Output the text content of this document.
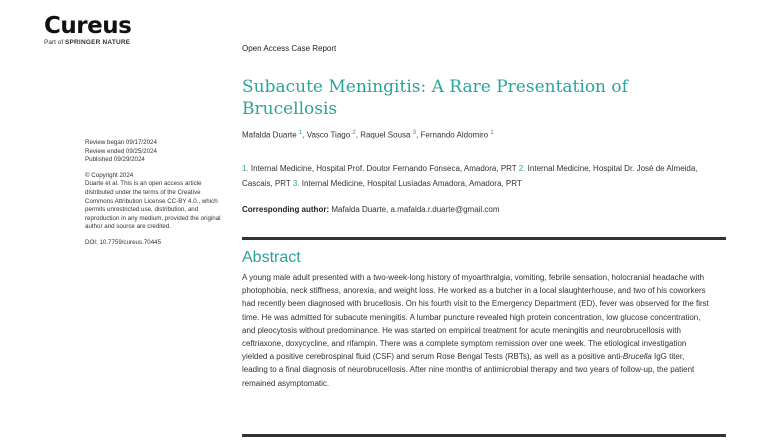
Cureus
Part of SPRINGER NATURE
Open Access Case Report
Subacute Meningitis: A Rare Presentation of Brucellosis
Review began 09/17/2024
Review ended 09/25/2024
Published 09/29/2024
© Copyright 2024
Duarte et al. This is an open access article distributed under the terms of the Creative Commons Attribution License CC-BY 4.0., which permits unrestricted use, distribution, and reproduction in any medium, provided the original author and source are credited.
DOI: 10.7759/cureus.70445
Mafalda Duarte $^1$, Vasco Tiago $^2$, Raquel Sousa $^3$, Fernando Aldomiro $^1$
1. Internal Medicine, Hospital Prof. Doutor Fernando Fonseca, Amadora, PRT 2. Internal Medicine, Hospital Dr. José de Almeida, Cascais, PRT 3. Internal Medicine, Hospital Lusíadas Amadora, Amadora, PRT
Corresponding author: Mafalda Duarte, a.mafalda.r.duarte@gmail.com
Abstract
A young male adult presented with a two-week-long history of myoarthralgia, vomiting, febrile sensation, holocranial headache with photophobia, neck stiffness, anorexia, and weight loss. He worked as a butcher in a local slaughterhouse, and two of his coworkers had recently been diagnosed with brucellosis. On his fourth visit to the Emergency Department (ED), fever was observed for the first time. He was admitted for subacute meningitis. A lumbar puncture revealed high protein concentration, low glucose concentration, and pleocytosis without predominance. He was started on empirical treatment for acute meningitis and neurobrucellosis with ceftriaxone, doxycycline, and rifampin. There was a complete symptom remission over one week. The etiological investigation yielded a positive cerebrospinal fluid (CSF) and serum Rose Bengal Tests (RBTs), as well as a positive anti-Brucella IgG titer, leading to a final diagnosis of neurobrucellosis. After nine months of antimicrobial therapy and two years of follow-up, the patient remained asymptomatic.
